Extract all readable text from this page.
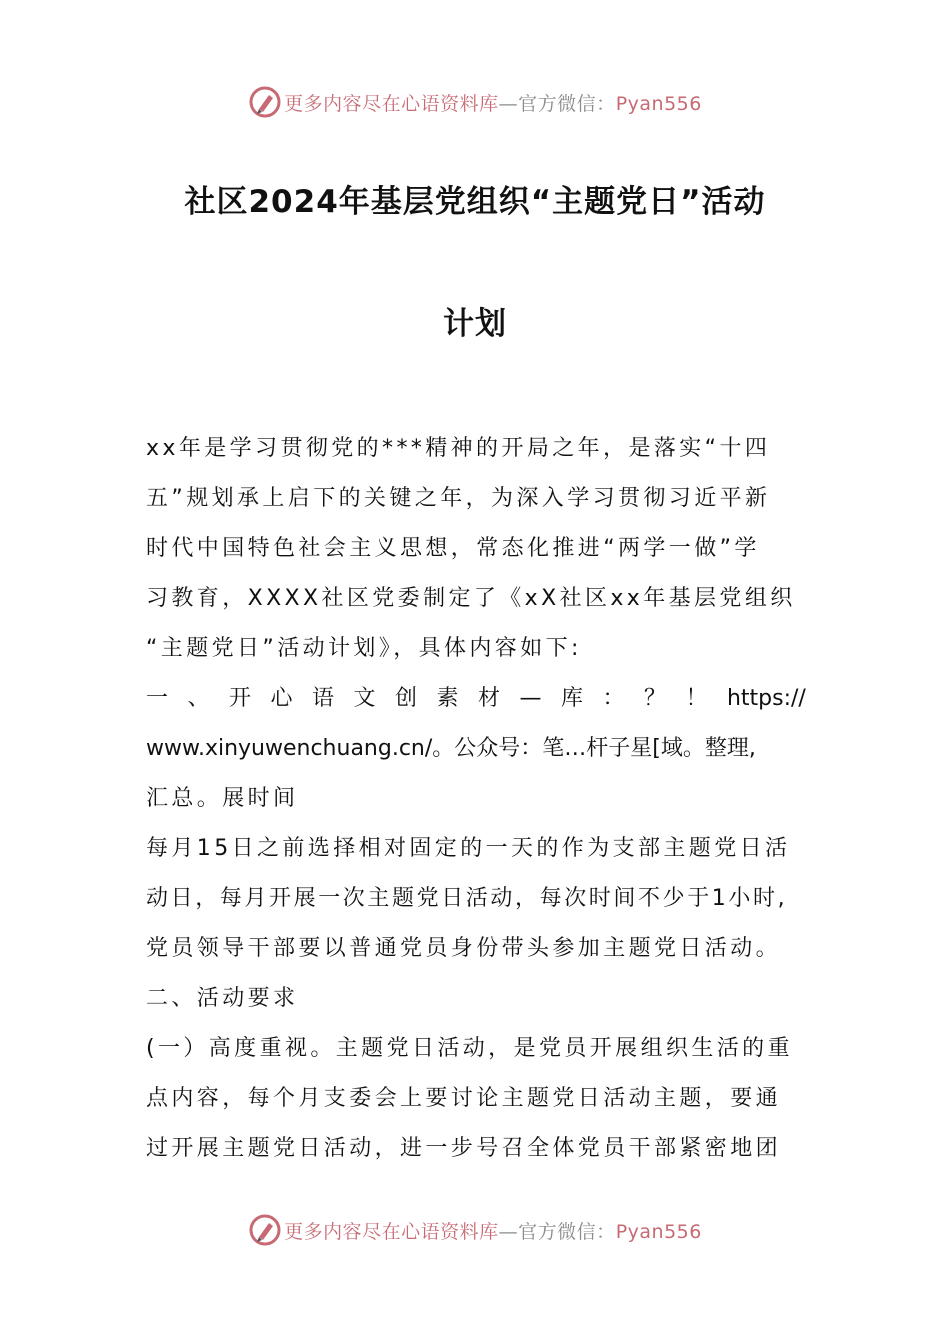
更多内容尽在心语资料库—官方微信：Pyan556
社区2024年基层党组织“主题党日”活动
计划
xx年是学习贯彻党的***精神的开局之年，是落实“十四
五”规划承上启下的关键之年，为深入学习贯彻习近平新
时代中国特色社会主义思想，常态化推进“两学一做”学
习教育，XXXX社区党委制定了《xX社区xx年基层党组织
“主题党日”活动计划》，具体内容如下:
一 、 开 心 语 文 创 素 材 — 库 ： ？ ！ https://
www.xinyuwenchuang.cn/。公众号：笔…杆子星[域。整理,
汇总。展时间
每月15日之前选择相对固定的一天的作为支部主题党日活
动日，每月开展一次主题党日活动，每次时间不少于1小时,
党员领导干部要以普通党员身份带头参加主题党日活动。
二、活动要求
(一）高度重视。主题党日活动，是党员开展组织生活的重
点内容，每个月支委会上要讨论主题党日活动主题，要通
过开展主题党日活动，进一步号召全体党员干部紧密地团
更多内容尽在心语资料库—官方微信：Pyan556
